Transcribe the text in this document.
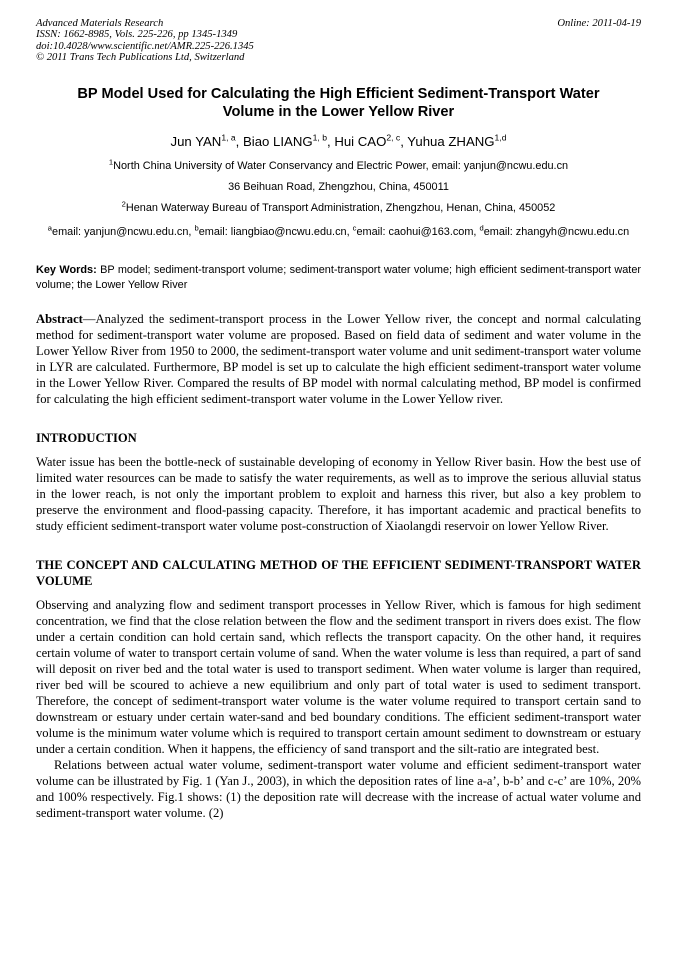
Advanced Materials Research
ISSN: 1662-8985, Vols. 225-226, pp 1345-1349
doi:10.4028/www.scientific.net/AMR.225-226.1345
© 2011 Trans Tech Publications Ltd, Switzerland
Online: 2011-04-19
BP Model Used for Calculating the High Efficient Sediment-Transport Water Volume in the Lower Yellow River
Jun YAN$^{1, a}$, Biao LIANG$^{1, b}$, Hui CAO$^{2, c}$, Yuhua ZHANG$^{1,d}$
$^1$North China University of Water Conservancy and Electric Power, email: yanjun@ncwu.edu.cn
36 Beihuan Road, Zhengzhou, China, 450011
$^2$Henan Waterway Bureau of Transport Administration, Zhengzhou, Henan, China, 450052
$^a$email: yanjun@ncwu.edu.cn, $^b$email: liangbiao@ncwu.edu.cn, $^c$email: caohui@163.com, $^d$email: zhangyh@ncwu.edu.cn

Key Words: BP model; sediment-transport volume; sediment-transport water volume; high efficient sediment-transport water volume; the Lower Yellow River

Abstract—Analyzed the sediment-transport process in the Lower Yellow river, the concept and normal calculating method for sediment-transport water volume are proposed. Based on field data of sediment and water volume in the Lower Yellow River from 1950 to 2000, the sediment-transport water volume and unit sediment-transport water volume in LYR are calculated. Furthermore, BP model is set up to calculate the high efficient sediment-transport water volume in the Lower Yellow River. Compared the results of BP model with normal calculating method, BP model is confirmed for calculating the high efficient sediment-transport water volume in the Lower Yellow river.

INTRODUCTION

Water issue has been the bottle-neck of sustainable developing of economy in Yellow River basin. How the best use of limited water resources can be made to satisfy the water requirements, as well as to improve the serious alluvial status in the lower reach, is not only the important problem to exploit and harness this river, but also a key problem to preserve the environment and flood-passing capacity. Therefore, it has important academic and practical benefits to study efficient sediment-transport water volume post-construction of Xiaolangdi reservoir on lower Yellow River.

THE CONCEPT AND CALCULATING METHOD OF THE EFFICIENT SEDIMENT-TRANSPORT WATER VOLUME

Observing and analyzing flow and sediment transport processes in Yellow River, which is famous for high sediment concentration, we find that the close relation between the flow and the sediment transport in rivers does exist. The flow under a certain condition can hold certain sand, which reflects the transport capacity. On the other hand, it requires certain volume of water to transport certain volume of sand. When the water volume is less than required, a part of sand will deposit on river bed and the total water is used to transport sediment. When water volume is larger than required, river bed will be scoured to achieve a new equilibrium and only part of total water is used to sediment transport. Therefore, the concept of sediment-transport water volume is the water volume required to transport certain sand to downstream or estuary under certain water-sand and bed boundary conditions. The efficient sediment-transport water volume is the minimum water volume which is required to transport certain amount sediment to downstream or estuary under a certain condition. When it happens, the efficiency of sand transport and the silt-ratio are integrated best.

Relations between actual water volume, sediment-transport water volume and efficient sediment-transport water volume can be illustrated by Fig. 1 (Yan J., 2003), in which the deposition rates of line a-a’, b-b’ and c-c’ are 10%, 20% and 100% respectively. Fig.1 shows: (1) the deposition rate will decrease with the increase of actual water volume and sediment-transport water volume. (2)
